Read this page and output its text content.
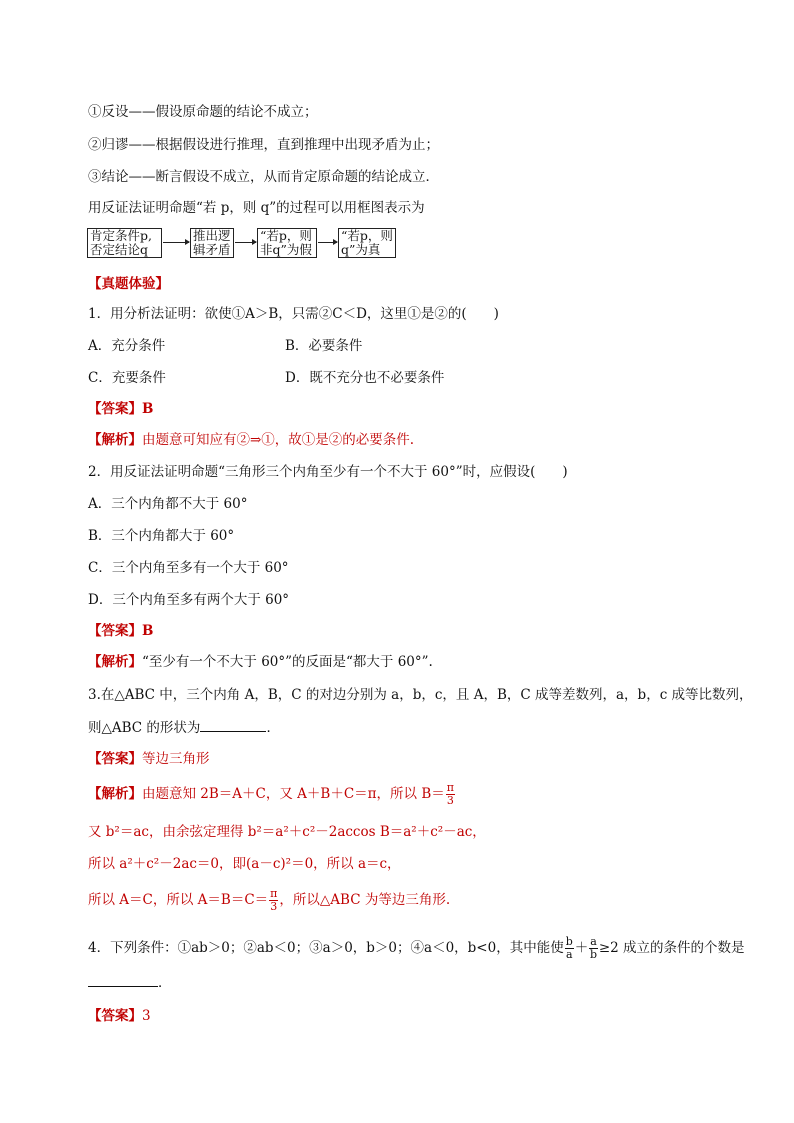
①反设——假设原命题的结论不成立；
②归谬——根据假设进行推理，直到推理中出现矛盾为止；
③结论——断言假设不成立，从而肯定原命题的结论成立．
用反证法证明命题“若 p，则 q”的过程可以用框图表示为
肯定条件p,
否定结论q
推出逻
辑矛盾
“若p，则
非q”为假
“若p，则
q”为真
【真题体验】
1．用分析法证明：欲使①A＞B，只需②C＜D，这里①是②的(　　)
A．充分条件	B．必要条件
C．充要条件	D．既不充分也不必要条件
【答案】B
【解析】由题意可知应有②⇒①，故①是②的必要条件.
2．用反证法证明命题“三角形三个内角至少有一个不大于 60°”时，应假设(　　)
A．三个内角都不大于 60°
B．三个内角都大于 60°
C．三个内角至多有一个大于 60°
D．三个内角至多有两个大于 60°
【答案】B
【解析】“至少有一个不大于 60°”的反面是“都大于 60°”.
3.在△ABC 中，三个内角 A，B，C 的对边分别为 a，b，c，且 A，B，C 成等差数列，a，b，c 成等比数列，
则△ABC 的形状为	．
【答案】等边三角形
【解析】由题意知 2B＝A＋C，又 A＋B＋C＝π，所以 $B= \frac{\pi}{3}$
又 b²＝ac，由余弦定理得 b²＝a²＋c²－2accos B＝a²＋c²－ac，
所以 a²＋c²－2ac＝0，即(a－c)²＝0，所以 a＝c，
所以 A＝C，所以 $A=B=C= \frac{\pi}{3}$ ，所以△ABC 为等边三角形.
4．下列条件：①ab＞0；②ab＜0；③a＞0，b＞0；④a＜0，b<0，其中能使 $\frac{b}{a} + \frac{a}{b} \ge 2$ 成立的条件的个数是
．
【答案】3
